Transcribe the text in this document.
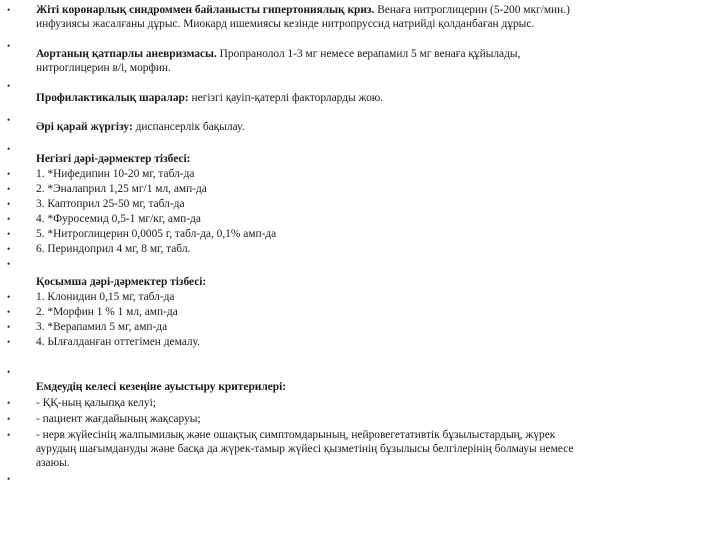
•
•
•
•
•
Жіті коронарлық синдроммен байланысты гипертониялық криз. Венаға нитроглицерин (5-200 мкг/мин.)
инфузиясы жасалғаны дұрыс. Миокард ишемиясы кезінде нитропруссид натрийді қолданбаған дұрыс.
Аортаның қатпарлы аневризмасы. Пропранолол 1-3 мг немесе верапамил 5 мг венаға құйылады,
нитроглицерин в/і, морфин.
Профилактикалық шаралар: негізгі қауіп-қатерлі факторларды жою.
Әрі қарай жүргізу: диспансерлік бақылау.
Негізгі дәрі-дәрмектер тізбесі:
• 1. *Нифедипин 10-20 мг, табл-да
• 2. *Эналаприл 1,25 мг/1 мл, амп-да
• 3. Каптоприл 25-50 мг, табл-да
• 4. *Фуросемид 0,5-1 мг/кг, амп-да
• 5. *Нитроглицерин 0,0005 г, табл-да, 0,1% амп-да
• 6. Периндоприл 4 мг, 8 мг, табл.
•
Қосымша дәрі-дәрмектер тізбесі:
• 1. Клонидин 0,15 мг, табл-да
• 2. *Морфин 1 % 1 мл, амп-да
• 3. *Верапамил 5 мг, амп-да
• 4. Ылғалданған оттегімен демалу.
•
Емдеудің келесі кезеңіне ауыстыру критерилері:
• - ҚҚ-ның қалыпқа келуі;
• - пациент жағдайының жақсаруы;
• - нерв жүйесінің жалпымилық және ошақтық симптомдарының, нейровегетативтік бұзылыстардың, жүрек
аурудың шағымдануды және басқа да жүрек-тамыр жүйесі қызметінің бұзылысы белгілерінің болмауы немесе
азаюы.
•
